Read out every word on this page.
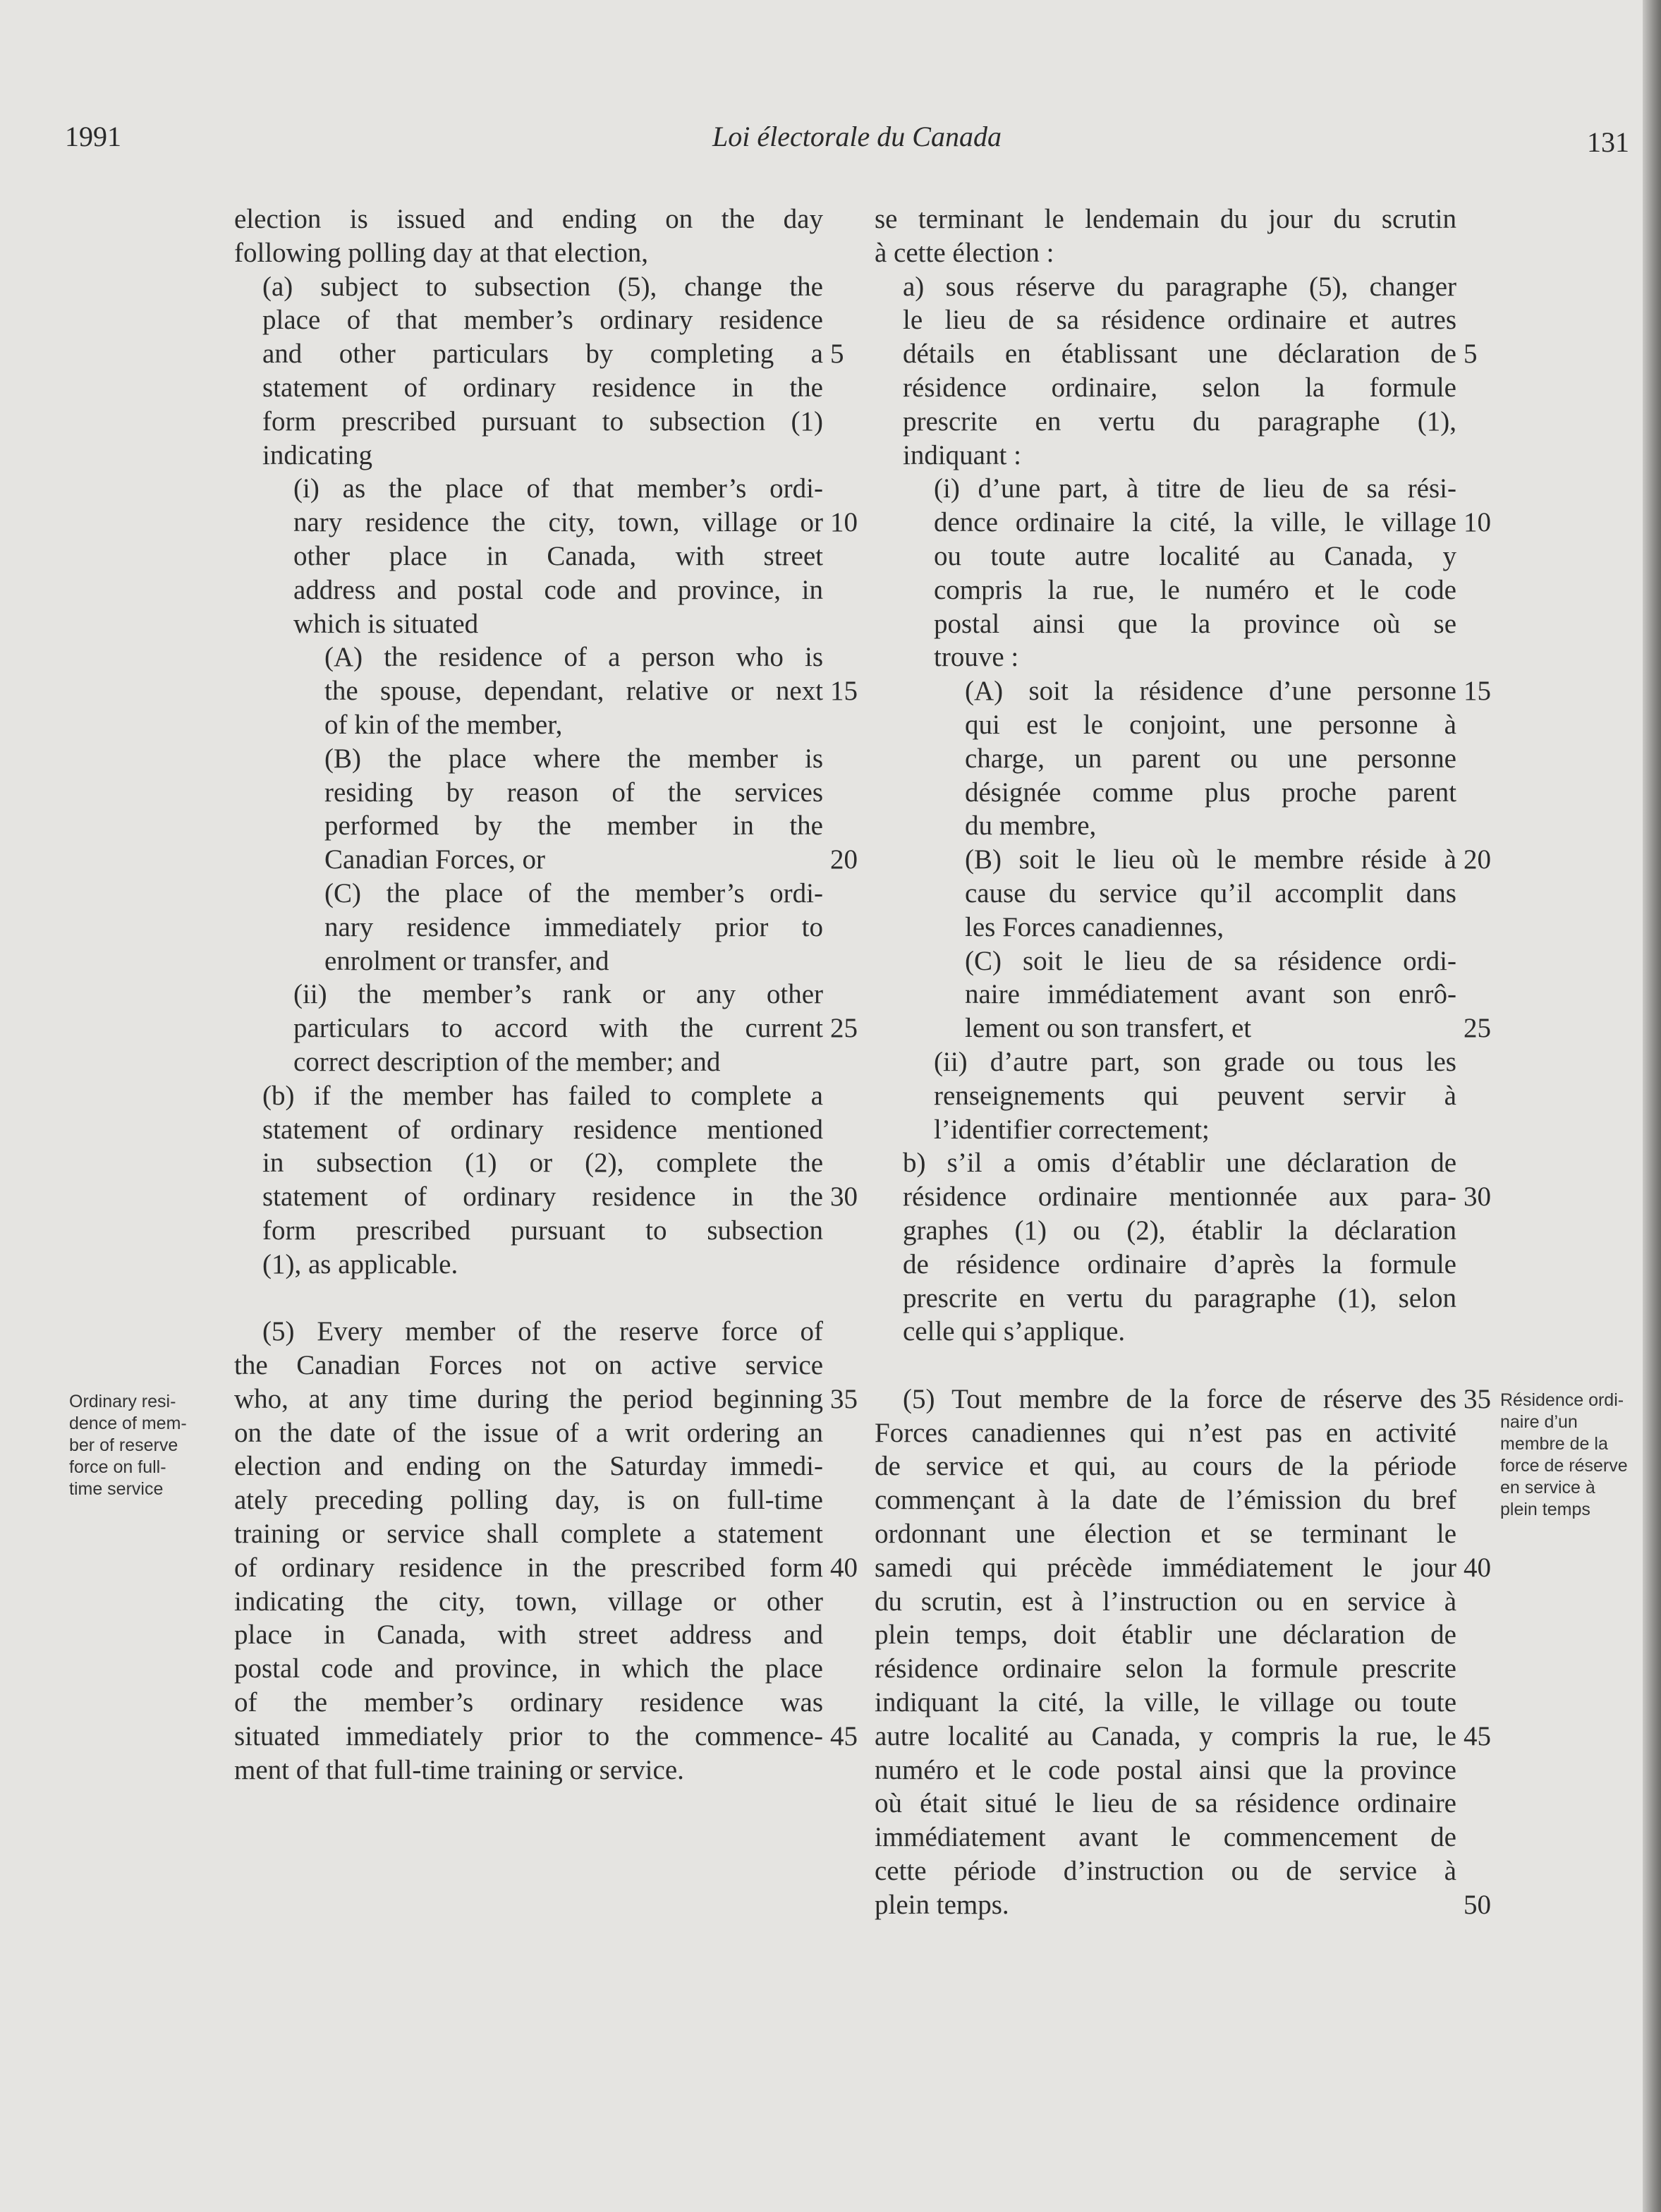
1991	Loi électorale du Canada	131
election is issued and ending on the day
following polling day at that election,
(a) subject to subsection (5), change the
place of that member’s ordinary residence
and other particulars by completing a 5
statement of ordinary residence in the
form prescribed pursuant to subsection (1)
indicating
(i) as the place of that member’s ordi-
nary residence the city, town, village or 10
other place in Canada, with street
address and postal code and province, in
which is situated
(A) the residence of a person who is
the spouse, dependant, relative or next 15
of kin of the member,
(B) the place where the member is
residing by reason of the services
performed by the member in the
Canadian Forces, or	20
(C) the place of the member’s ordi-
nary residence immediately prior to
enrolment or transfer, and
(ii) the member’s rank or any other
particulars to accord with the current 25
correct description of the member; and
(b) if the member has failed to complete a
statement of ordinary residence mentioned
in subsection (1) or (2), complete the
statement of ordinary residence in the 30
form prescribed pursuant to subsection
(1), as applicable.
(5) Every member of the reserve force of
the Canadian Forces not on active service
who, at any time during the period beginning 35
on the date of the issue of a writ ordering an
election and ending on the Saturday immedi-
ately preceding polling day, is on full-time
training or service shall complete a statement
of ordinary residence in the prescribed form 40
indicating the city, town, village or other
place in Canada, with street address and
postal code and province, in which the place
of the member’s ordinary residence was
situated immediately prior to the commence- 45
ment of that full-time training or service.
se terminant le lendemain du jour du scrutin
à cette élection :
a) sous réserve du paragraphe (5), changer
le lieu de sa résidence ordinaire et autres
détails en établissant une déclaration de 5
résidence ordinaire, selon la formule
prescrite en vertu du paragraphe (1),
indiquant :
(i) d’une part, à titre de lieu de sa rési-
dence ordinaire la cité, la ville, le village 10
ou toute autre localité au Canada, y
compris la rue, le numéro et le code
postal ainsi que la province où se
trouve :
(A) soit la résidence d’une personne 15
qui est le conjoint, une personne à
charge, un parent ou une personne
désignée comme plus proche parent
du membre,
(B) soit le lieu où le membre réside à 20
cause du service qu’il accomplit dans
les Forces canadiennes,
(C) soit le lieu de sa résidence ordi-
naire immédiatement avant son enrô-
lement ou son transfert, et	25
(ii) d’autre part, son grade ou tous les
renseignements qui peuvent servir à
l’identifier correctement;
b) s’il a omis d’établir une déclaration de
résidence ordinaire mentionnée aux para- 30
graphes (1) ou (2), établir la déclaration
de résidence ordinaire d’après la formule
prescrite en vertu du paragraphe (1), selon
celle qui s’applique.
(5) Tout membre de la force de réserve des 35
Forces canadiennes qui n’est pas en activité
de service et qui, au cours de la période
commençant à la date de l’émission du bref
ordonnant une élection et se terminant le
samedi qui précède immédiatement le jour 40
du scrutin, est à l’instruction ou en service à
plein temps, doit établir une déclaration de
résidence ordinaire selon la formule prescrite
indiquant la cité, la ville, le village ou toute
autre localité au Canada, y compris la rue, le 45
numéro et le code postal ainsi que la province
où était situé le lieu de sa résidence ordinaire
immédiatement avant le commencement de
cette période d’instruction ou de service à
plein temps.	50
Ordinary resi-
dence of mem-
ber of reserve
force on full-
time service
Résidence ordi-
naire d’un
membre de la
force de réserve
en service à
plein temps
